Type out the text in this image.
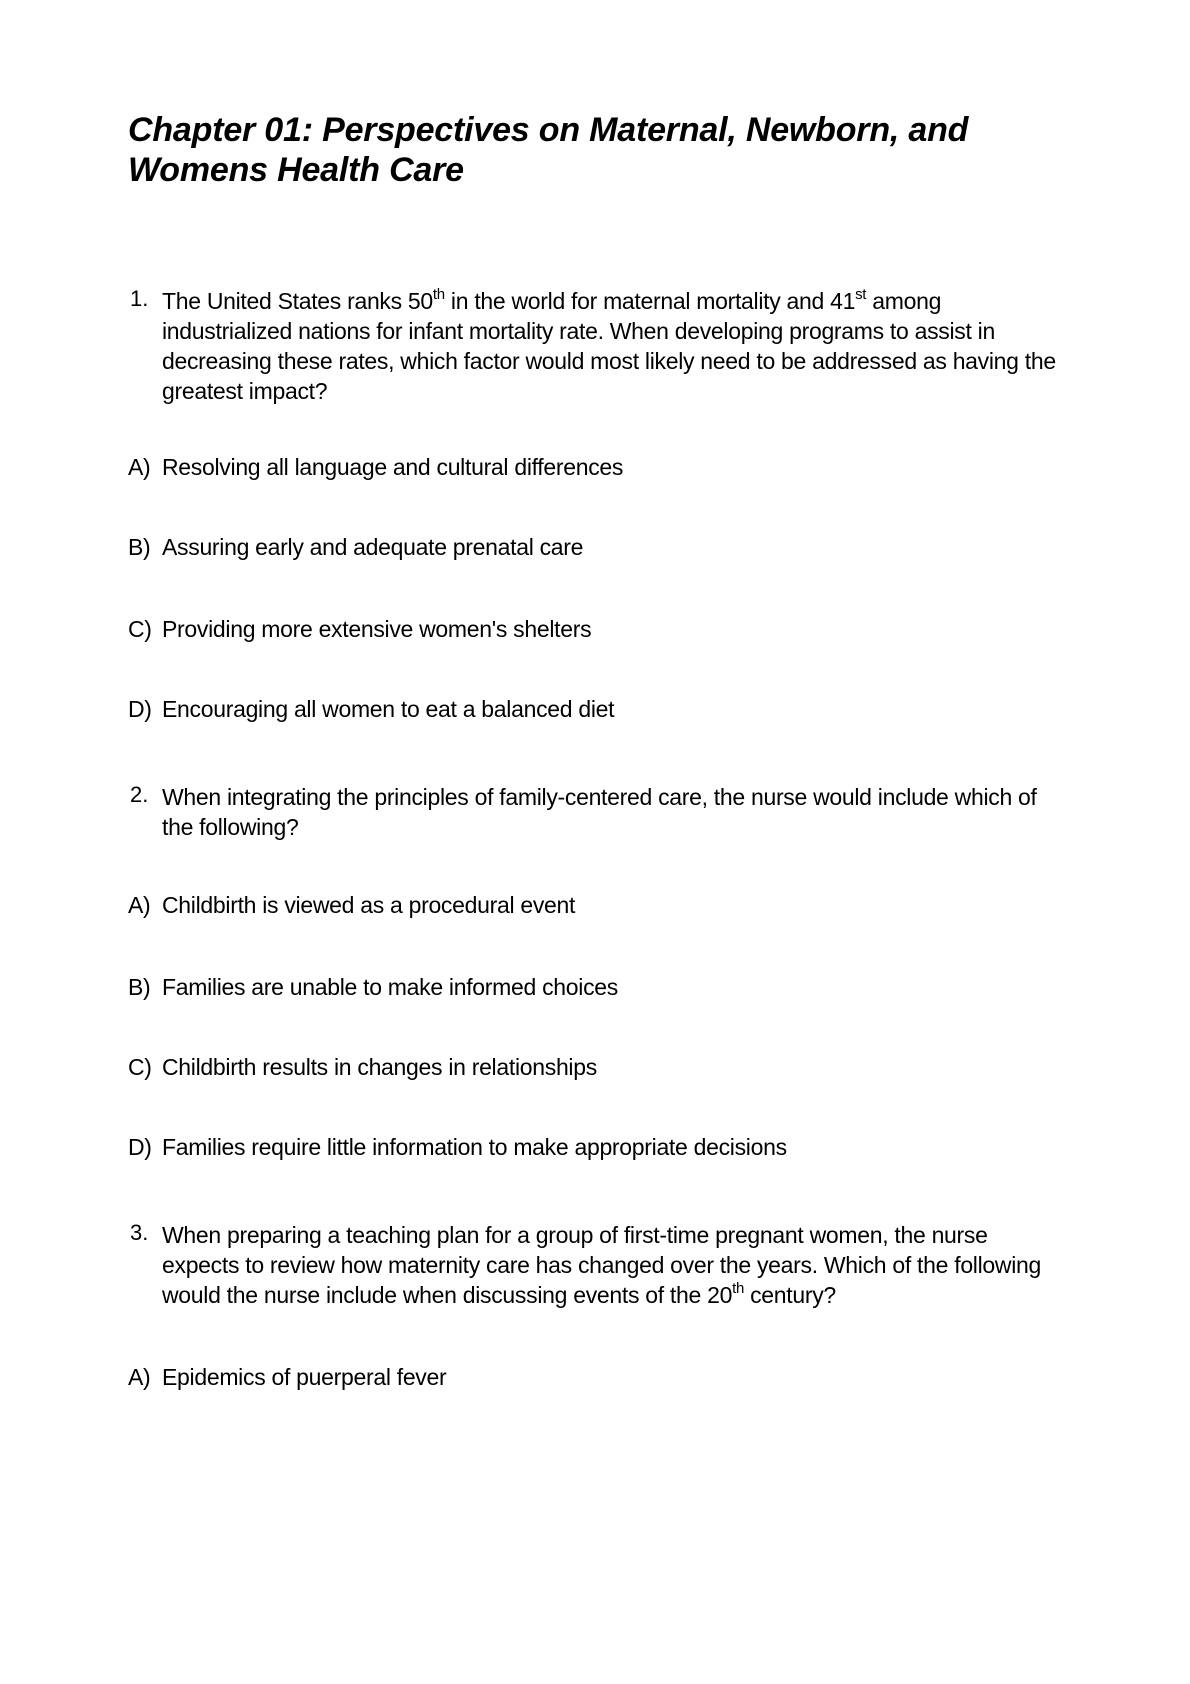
Chapter 01: Perspectives on Maternal, Newborn, and Womens Health Care
1. The United States ranks 50th in the world for maternal mortality and 41st among industrialized nations for infant mortality rate. When developing programs to assist in decreasing these rates, which factor would most likely need to be addressed as having the greatest impact?
A) Resolving all language and cultural differences
B) Assuring early and adequate prenatal care
C) Providing more extensive women's shelters
D) Encouraging all women to eat a balanced diet
2. When integrating the principles of family-centered care, the nurse would include which of the following?
A) Childbirth is viewed as a procedural event
B) Families are unable to make informed choices
C) Childbirth results in changes in relationships
D) Families require little information to make appropriate decisions
3. When preparing a teaching plan for a group of first-time pregnant women, the nurse expects to review how maternity care has changed over the years. Which of the following would the nurse include when discussing events of the 20th century?
A) Epidemics of puerperal fever
